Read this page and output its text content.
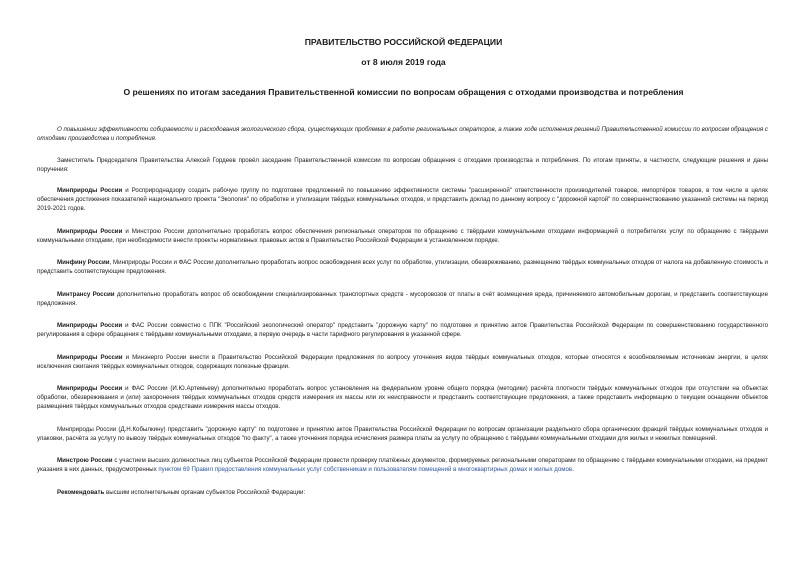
ПРАВИТЕЛЬСТВО РОССИЙСКОЙ ФЕДЕРАЦИИ
от 8 июля 2019 года
О решениях по итогам заседания Правительственной комиссии по вопросам обращения с отходами производства и потребления

О повышении эффективности собираемости и расходования экологического сбора, существующих проблемах в работе региональных операторов, а также ходе исполнения решений Правительственной комиссии по вопросам обращения с отходами производства и потребления.

Заместитель Председателя Правительства Алексей Гордеев провёл заседание Правительственной комиссии по вопросам обращения с отходами производства и потребления. По итогам приняты, в частности, следующие решения и даны поручения:

Минприроды России и Росприроднадзору создать рабочую группу по подготовке предложений по повышению эффективности системы "расширенной" ответственности производителей товаров, импортёров товаров, в том числе в целях обеспечения достижения показателей национального проекта "Экология" по обработке и утилизации твёрдых коммунальных отходов, и представить доклад по данному вопросу с "дорожной картой" по совершенствованию указанной системы на период 2019-2021 годов.

Минприроды России и Минстрою России дополнительно проработать вопрос обеспечения региональных операторов по обращению с твёрдыми коммунальными отходами информацией о потребителях услуг по обращению с твёрдыми коммунальными отходами, при необходимости внести проекты нормативных правовых актов в Правительство Российской Федерации в установленном порядке.

Минфину России, Минприроды России и ФАС России дополнительно проработать вопрос освобождения всех услуг по обработке, утилизации, обезвреживанию, размещению твёрдых коммунальных отходов от налога на добавленную стоимость и представить соответствующие предложения.

Минтрансу России дополнительно проработать вопрос об освобождении специализированных транспортных средств - мусоровозов от платы в счёт возмещения вреда, причиняемого автомобильным дорогам, и представить соответствующие предложения.

Минприроды России и ФАС России совместно с ППК "Российский экологический оператор" представить "дорожную карту" по подготовке и принятию актов Правительства Российской Федерации по совершенствованию государственного регулирования в сфере обращения с твёрдыми коммунальными отходами, в первую очередь в части тарифного регулирования в указанной сфере.

Минприроды России и Минэнерго России внести в Правительство Российской Федерации предложения по вопросу уточнения видов твёрдых коммунальных отходов, которые относятся к возобновляемым источникам энергии, в целях исключения сжигания твёрдых коммунальных отходов, содержащих полезные фракции.

Минприроды России и ФАС России (И.Ю.Артемьеву) дополнительно проработать вопрос установления на федеральном уровне общего порядка (методики) расчёта плотности твёрдых коммунальных отходов при отсутствии на объектах обработки, обезвреживания и (или) захоронения твёрдых коммунальных отходов средств измерения их массы или их неисправности и представить соответствующие предложения, а также представить информацию о текущем оснащении объектов размещения твёрдых коммунальных отходов средствами измерения массы отходов.

Минприроды России (Д.Н.Кобылкину) представить "дорожную карту" по подготовке и принятию актов Правительства Российской Федерации по вопросам организации раздельного сбора органических фракций твёрдых коммунальных отходов и упаковки, расчёта за услугу по вывозу твёрдых коммунальных отходов "по факту", а также уточнения порядка исчисления размера платы за услугу по обращению с твёрдыми коммунальными отходами для жилых и нежилых помещений.

Минстрою России с участием высших должностных лиц субъектов Российской Федерации провести проверку платёжных документов, формируемых региональными операторами по обращению с твёрдыми коммунальными отходами, на предмет указания в них данных, предусмотренных пунктом 69 Правил предоставления коммунальных услуг собственникам и пользователям помещений в многоквартирных домах и жилых домов.

Рекомендовать высшим исполнительным органам субъектов Российской Федерации:
